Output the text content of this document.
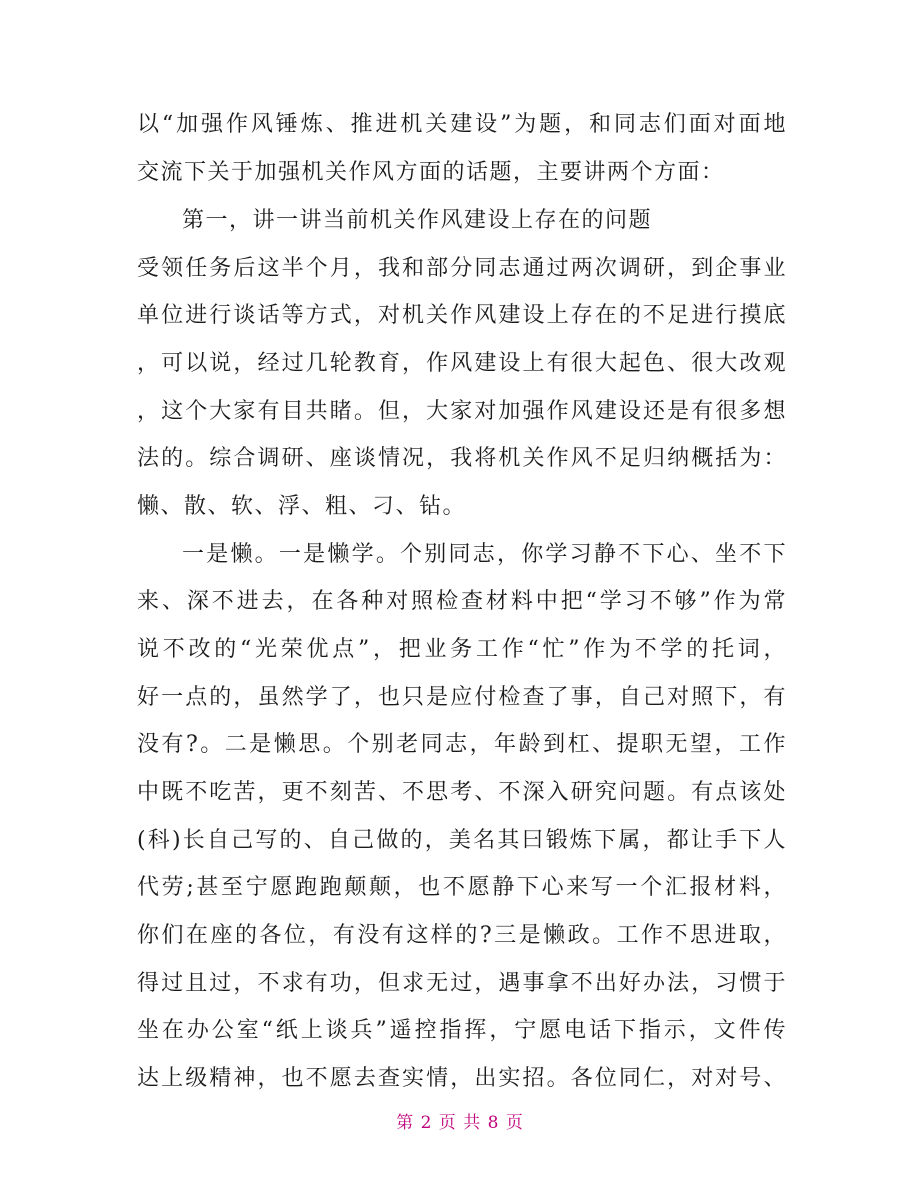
以“加强作风锤炼、推进机关建设”为题，和同志们面对面地
交流下关于加强机关作风方面的话题，主要讲两个方面：
第一，讲一讲当前机关作风建设上存在的问题
受领任务后这半个月，我和部分同志通过两次调研，到企事业
单位进行谈话等方式，对机关作风建设上存在的不足进行摸底
，可以说，经过几轮教育，作风建设上有很大起色、很大改观
，这个大家有目共睹。但，大家对加强作风建设还是有很多想
法的。综合调研、座谈情况，我将机关作风不足归纳概括为：
懒、散、软、浮、粗、刁、钻。
一是懒。一是懒学。个别同志，你学习静不下心、坐不下
来、深不进去，在各种对照检查材料中把“学习不够”作为常
说不改的“光荣优点”，把业务工作“忙”作为不学的托词，
好一点的，虽然学了，也只是应付检查了事，自己对照下，有
没有?。二是懒思。个别老同志，年龄到杠、提职无望，工作
中既不吃苦，更不刻苦、不思考、不深入研究问题。有点该处
(科)长自己写的、自己做的，美名其曰锻炼下属，都让手下人
代劳;甚至宁愿跑跑颠颠，也不愿静下心来写一个汇报材料，
你们在座的各位，有没有这样的?三是懒政。工作不思进取，
得过且过，不求有功，但求无过，遇事拿不出好办法，习惯于
坐在办公室“纸上谈兵”遥控指挥，宁愿电话下指示，文件传
达上级精神，也不愿去查实情，出实招。各位同仁，对对号、
第 2 页 共 8 页
